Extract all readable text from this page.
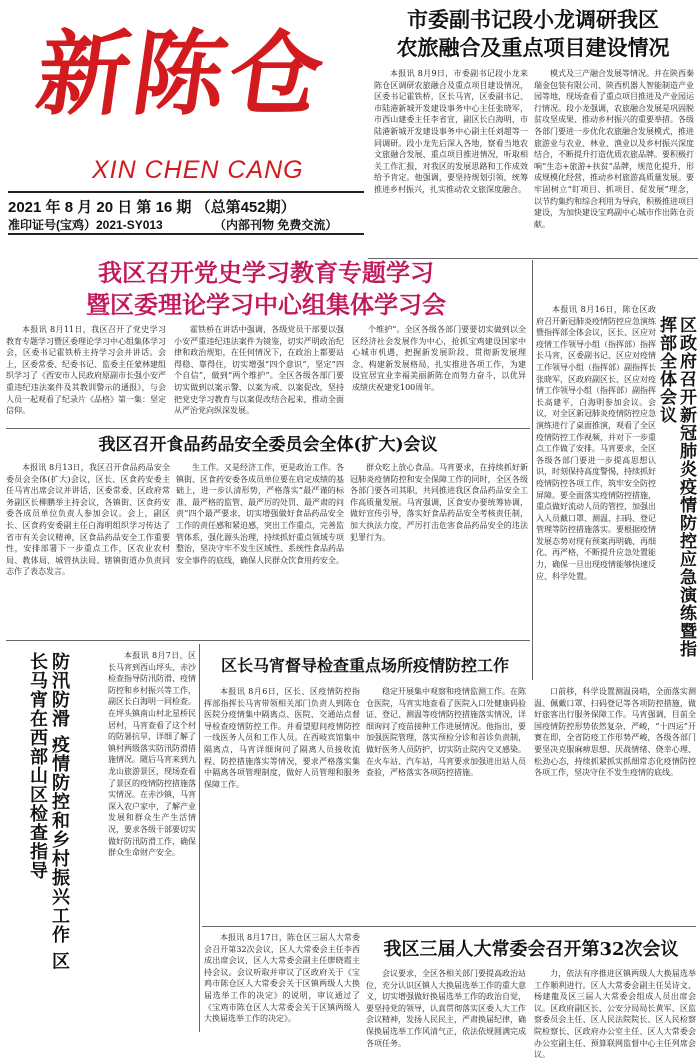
新陈仓
XIN CHEN CANG
2021 年 8 月 20 日 第 16 期 （总第452期）
准印证号(宝鸡）2021-SY013	（内部刊物 免费交流）
市委副书记段小龙调研我区
农旅融合及重点项目建设情况

本报讯 8月9日，市委副书记段小龙来陈仓区调研农旅融合及重点项目建设情况，区委书记霍铁桥，区长马宵，区委副书记、市陆港新城开发建设事务中心主任张晓军，市西山建委主任李省宣，副区长白海明，市陆港新城开发建设事务中心副主任刘超等一同调研。段小龙先后深入各地，察看当地农文旅融合发展、重点项目推进情况，听取相关工作汇报，对我区的发展思路和工作成效给予肯定。他强调，要坚持规划引领，统筹推进乡村振兴，扎实推动农文旅深度融合。

模式及三产融合发展等情况。并在陕西秦瑞金包装有限公司、陕西机器人智能制造产业园等地，现场查看了重点项目推进及产业园运行情况。段小龙强调，农旅融合发展是巩固脱贫攻坚成果、推动乡村振兴的重要举措。各级各部门要进一步优化农旅融合发展模式，推进旅游业与农业、林业、渔业以及乡村振兴深度结合，不断提升打造优质农旅品牌。要积极打响“生态+旅游+扶贫”品牌，规范化提升，形成规模化经营，推动乡村旅游高质量发展。要牢固树立“盯项目、抓项目、促发展”理念，以节约集约和综合利用为导向，积极推进项目建设，为加快建设宝鸡副中心城市作出陈仓贡献。

我区召开党史学习教育专题学习
暨区委理论学习中心组集体学习会

本报讯 8月11日，我区召开了党史学习教育专题学习暨区委理论学习中心组集体学习会，区委书记霍铁桥主持学习会并讲话。会上，区委常委、纪委书记、监委主任蒙林建组织学习了《西安市人民政府原副市长强小安严重违纪违法案件及其教训警示的通报》，与会人员一起观看了纪录片《品格》第一集：坚定信仰。

霍铁桥在讲话中强调，各级党员干部要以强小安严重违纪违法案件为镜鉴，切实严明政治纪律和政治规矩，在任何情况下，在政治上都要站得稳、靠得住，切实增强“四个意识”，坚定“四个自信”，做到“两个维护”。全区各级各部门要切实做到以案示警、以案为戒、以案促改，坚持把党史学习教育与以案促改结合起来，推动全面从严治党向纵深发展。

个维护”。全区各级各部门要要切实做到以全区经济社会发展作为中心，抢抓宝鸡建设国家中心城市机遇，把握新发展阶段、贯彻新发展理念、构建新发展格局，扎实推进各项工作，为建设宜居宜业幸福美丽新陈仓而努力奋斗，以优异成绩庆祝建党100周年。

本报讯 8月16日，陈仓区政府召开新冠肺炎疫情防控应急演练暨指挥部全体会议，区长、区应对疫情工作领导小组（指挥部）指挥长马宵，区委副书记、区应对疫情工作领导小组（指挥部）副指挥长张晓军，区政府副区长、区应对疫情工作领导小组（指挥部）副指挥长高建平，白海明参加会议。会议，对全区新冠肺炎疫情防控应急演练进行了桌面推演，观看了全区疫情防控工作视频，并对下一步重点工作做了安排。马宵要求，全区各级各部门要进一步提高思想认识，时刻保持高度警惕，持续抓好疫情防控各项工作，筑牢安全防控屏障。要全面落实疫情防控措施，重点做好流动人员的管控，加强出入人员戴口罩、测温、扫码、登记管理等防控措施落实。要根据疫情发展态势对现有预案再明确、再细化、再严格，不断提升应急处置能力，确保一旦出现疫情能够快速反应、科学处置。	区政府召开新冠肺炎疫情防控应急演练暨指挥部全体会议
我区召开食品药品安全委员会全体(扩大)会议

本报讯 8月13日，我区召开食品药品安全委员会全体(扩大)会议，区长、区食药安委主任马宵出席会议并讲话，区委常委、区政府常务副区长柳鹏举主持会议，各镇街、区食药安委各成员单位负责人参加会议。会上，副区长、区食药安委副主任白海明组织学习传达了省市有关会议精神，区食品药品安全工作重要性，安排部署下一步重点工作，区农业农村局、教体局、城管执法局、辖镇街道办负责同志作了表态发言。

生工作。又是经济工作，更是政治工作。各镇街、区食药安委各成员单位要在肩定成绩的基础上，进一步认清形势，严格落实“最严谨的标准、最严格的监管、最严厉的处罚、最严肃的问责”四个最严要求，切实增强做好食品药品安全工作的责任感和紧迫感，突出工作重点，完善监管体系，强化源头治理，持续抓好重点领域专项整治，坚决守牢不发生区域性、系统性食品药品安全事件的底线，确保人民群众饮食用药安全。

群众吃上放心食品。马宵要求，在持续抓好新冠肺炎疫情防控和安全保障工作的同时，全区各级各部门要各司其职，共同推进我区食品药品安全工作高质量发展。马宵强调，区食安办要统筹协调，做好宣传引导，落实好食品药品安全考核责任制，加大执法力度，严厉打击危害食品药品安全的违法犯罪行为。

防汛防滑 疫情防控和乡村振兴工作 区长马宵在西部山区检查指导	本报讯 8月7日，区长马宵到西山坪头、赤沙检查指导防汛防滑、疫情防控和乡村振兴等工作，副区长白海明一同检查。在坪头镇南山村北星桥民居村，马宵查看了这个村的防暑抗旱，详细了解了镇村两级落实防汛防滑措施情况。随后马宵来到九龙山旅游景区，现场查看了景区的疫情防控措施落实情况。在赤沙镇，马宵深入农户家中，了解产业发展和群众生产生活情况，要求各级干部要切实做好防汛防滑工作，确保群众生命财产安全。

区长马宵督导检查重点场所疫情防控工作

本报讯 8月6日，区长、区疫情防控指挥部指挥长马宵带领相关部门负责人到陈仓医院分疫情集中隔离点、医院、交通站点督导检查疫情防控工作。并看望慰问疫情防控一线医务人员和工作人员。在西岐宾馆集中隔离点，马宵详细询问了隔离人员接收流程、防控措施落实等情况，要求严格落实集中隔离各项管理制度，做好人员管理和服务保障工作。

稳定开展集中观察和疫情监测工作。在陈仓医院，马宵实地查看了医院入口处健康码验证、登记、测温等疫情防控措施落实情况，详细询问了疫苗接种工作进展情况。他指出，要加强医院管理，落实预检分诊和首诊负责制，做好医务人员防护，切实防止院内交叉感染。在火车站、汽车站，马宵要求加强进出站人员查验，严格落实各项防控措施。

口前移，科学设置测温岗哨，全面落实测温、佩戴口罩、扫码登记等各项防控措施，做好旅客出行服务保障工作。马宵强调，目前全国疫情防控形势依然复杂、严峻，“十四运”开赛在即，全省防疫工作形势严峻，各级各部门要坚决克服麻痹思想、厌战情绪、侥幸心理、松劲心态，持续抓紧抓实抓细常态化疫情防控各项工作，坚决守住不发生疫情的底线。

本报讯 8月17日，陈仓区三届人大常委会召开第32次会议，区人大常委会主任李西成出席会议，区人大常委会副主任廖晓霞主持会议。会议听取并审议了区政府关于《宝鸡市陈仓区人大常委会关于区镇两级人大换届选举工作的决定》的说明，审议通过了《宝鸡市陈仓区人大常委会关于区镇两级人大换届选举工作的决定》。

我区三届人大常委会召开第32次会议

会议要求，全区各相关部门要提高政治站位，充分认识区镇人大换届选举工作的重大意义，切实增强做好换届选举工作的政治自觉，要坚持党的领导，认真贯彻落实区委人大工作会议精神，发扬人民民主，严肃换届纪律，确保换届选举工作风清气正，依法依规圆满完成各项任务。

力，依法有序推进区镇两级人大换届选举工作顺利进行。区人大常委会副主任吴诗文、杨建龍及区三届人大常委会组成人员出席会议。区政府副区长、公安分局局长黄军、区监察委员会主任、区人民法院院长、区人民检察院检察长、区政府办公室主任、区人大常委会办公室副主任、预算联网监督中心主任列席会议。
